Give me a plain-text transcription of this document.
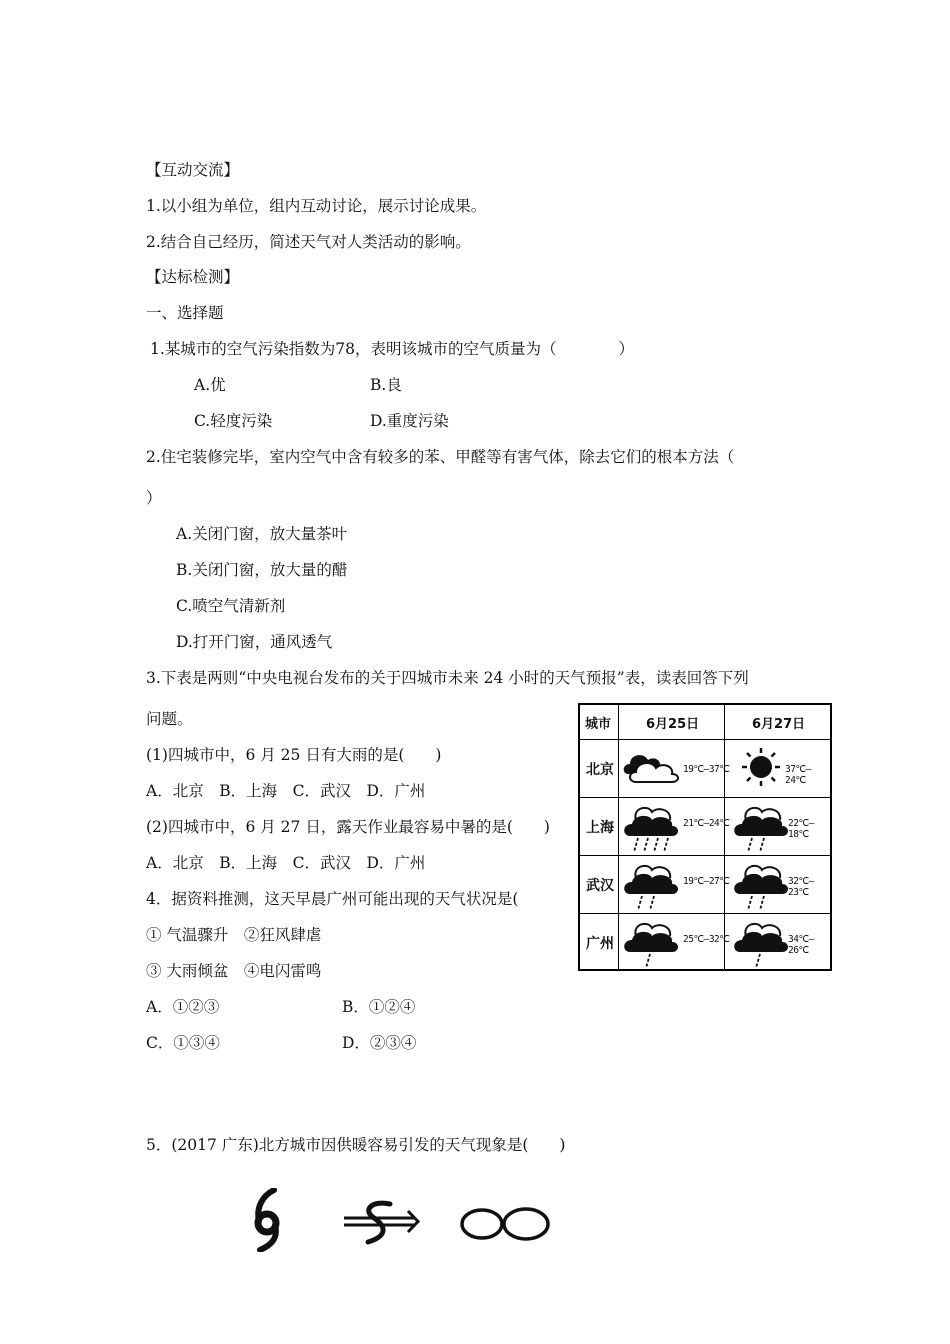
【互动交流】
1.以小组为单位，组内互动讨论，展示讨论成果。
2.结合自己经历，简述天气对人类活动的影响。
【达标检测】
一、选择题
1.某城市的空气污染指数为78，表明该城市的空气质量为（　　　　）
A.优	B.良
C.轻度污染	D.重度污染
2.住宅装修完毕，室内空气中含有较多的苯、甲醛等有害气体，除去它们的根本方法（
）
A.关闭门窗，放大量茶叶
B.关闭门窗，放大量的醋
C.喷空气清新剂
D.打开门窗，通风透气
3.下表是两则“中央电视台发布的关于四城市未来 24 小时的天气预报”表，读表回答下列
问题。
(1)四城市中，6 月 25 日有大雨的是(　　)
A．北京　B．上海　C．武汉　D．广州
(2)四城市中，6 月 27 日，露天作业最容易中暑的是(　　)
A．北京　B．上海　C．武汉　D．广州
4．据资料推测，这天早晨广州可能出现的天气状况是(
① 气温骤升　②狂风肆虐
③ 大雨倾盆　④电闪雷鸣
A．①②③	B．①②④
C．①③④	D．②③④
5．(2017 广东)北方城市因供暖容易引发的天气现象是(　　)
城市	6月25日	6月27日
北京	19℃—37℃	37℃—24℃
上海	21℃—24℃	22℃—18℃
武汉	19℃—27℃	32℃—23℃
广州	25℃—32℃	34℃—26℃
